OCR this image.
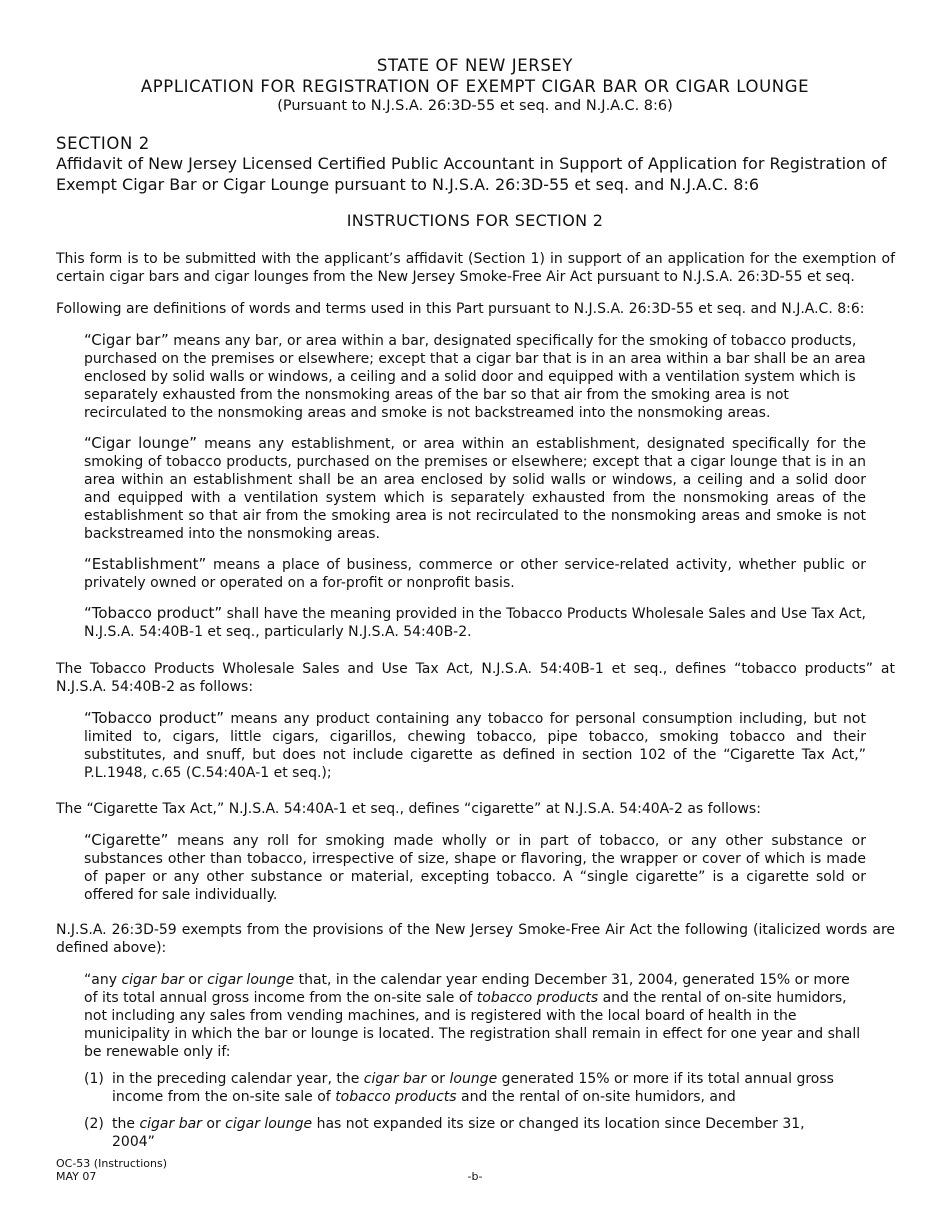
STATE OF NEW JERSEY
APPLICATION FOR REGISTRATION OF EXEMPT CIGAR BAR OR CIGAR LOUNGE
(Pursuant to N.J.S.A. 26:3D-55 et seq. and N.J.A.C. 8:6)
SECTION 2
Affidavit of New Jersey Licensed Certified Public Accountant in Support of Application for Registration of Exempt Cigar Bar or Cigar Lounge pursuant to N.J.S.A. 26:3D-55 et seq. and N.J.A.C. 8:6
INSTRUCTIONS FOR SECTION 2

This form is to be submitted with the applicant’s affidavit (Section 1) in support of an application for the exemption of certain cigar bars and cigar lounges from the New Jersey Smoke-Free Air Act pursuant to N.J.S.A. 26:3D-55 et seq.

Following are definitions of words and terms used in this Part pursuant to N.J.S.A. 26:3D-55 et seq. and N.J.A.C. 8:6:

“Cigar bar” means any bar, or area within a bar, designated specifically for the smoking of tobacco products, purchased on the premises or elsewhere; except that a cigar bar that is in an area within a bar shall be an area enclosed by solid walls or windows, a ceiling and a solid door and equipped with a ventilation system which is separately exhausted from the nonsmoking areas of the bar so that air from the smoking area is not recirculated to the nonsmoking areas and smoke is not backstreamed into the nonsmoking areas.

“Cigar lounge” means any establishment, or area within an establishment, designated specifically for the smoking of tobacco products, purchased on the premises or elsewhere; except that a cigar lounge that is in an area within an establishment shall be an area enclosed by solid walls or windows, a ceiling and a solid door and equipped with a ventilation system which is separately exhausted from the nonsmoking areas of the establishment so that air from the smoking area is not recirculated to the nonsmoking areas and smoke is not backstreamed into the nonsmoking areas.

“Establishment” means a place of business, commerce or other service-related activity, whether public or privately owned or operated on a for-profit or nonprofit basis.

“Tobacco product” shall have the meaning provided in the Tobacco Products Wholesale Sales and Use Tax Act, N.J.S.A. 54:40B-1 et seq., particularly N.J.S.A. 54:40B-2.

The Tobacco Products Wholesale Sales and Use Tax Act, N.J.S.A. 54:40B-1 et seq., defines “tobacco products” at N.J.S.A. 54:40B-2 as follows:

“Tobacco product” means any product containing any tobacco for personal consumption including, but not limited to, cigars, little cigars, cigarillos, chewing tobacco, pipe tobacco, smoking tobacco and their substitutes, and snuff, but does not include cigarette as defined in section 102 of the “Cigarette Tax Act,” P.L.1948, c.65 (C.54:40A-1 et seq.);

The “Cigarette Tax Act,” N.J.S.A. 54:40A-1 et seq., defines “cigarette” at N.J.S.A. 54:40A-2 as follows:

“Cigarette” means any roll for smoking made wholly or in part of tobacco, or any other substance or substances other than tobacco, irrespective of size, shape or flavoring, the wrapper or cover of which is made of paper or any other substance or material, excepting tobacco. A “single cigarette” is a cigarette sold or offered for sale individually.

N.J.S.A. 26:3D-59 exempts from the provisions of the New Jersey Smoke-Free Air Act the following (italicized words are defined above):

“any cigar bar or cigar lounge that, in the calendar year ending December 31, 2004, generated 15% or more of its total annual gross income from the on-site sale of tobacco products and the rental of on-site humidors, not including any sales from vending machines, and is registered with the local board of health in the municipality in which the bar or lounge is located. The registration shall remain in effect for one year and shall be renewable only if:

(1) in the preceding calendar year, the cigar bar or lounge generated 15% or more if its total annual gross income from the on-site sale of tobacco products and the rental of on-site humidors, and
(2) the cigar bar or cigar lounge has not expanded its size or changed its location since December 31, 2004”
OC-53 (Instructions)
MAY 07	-b-
